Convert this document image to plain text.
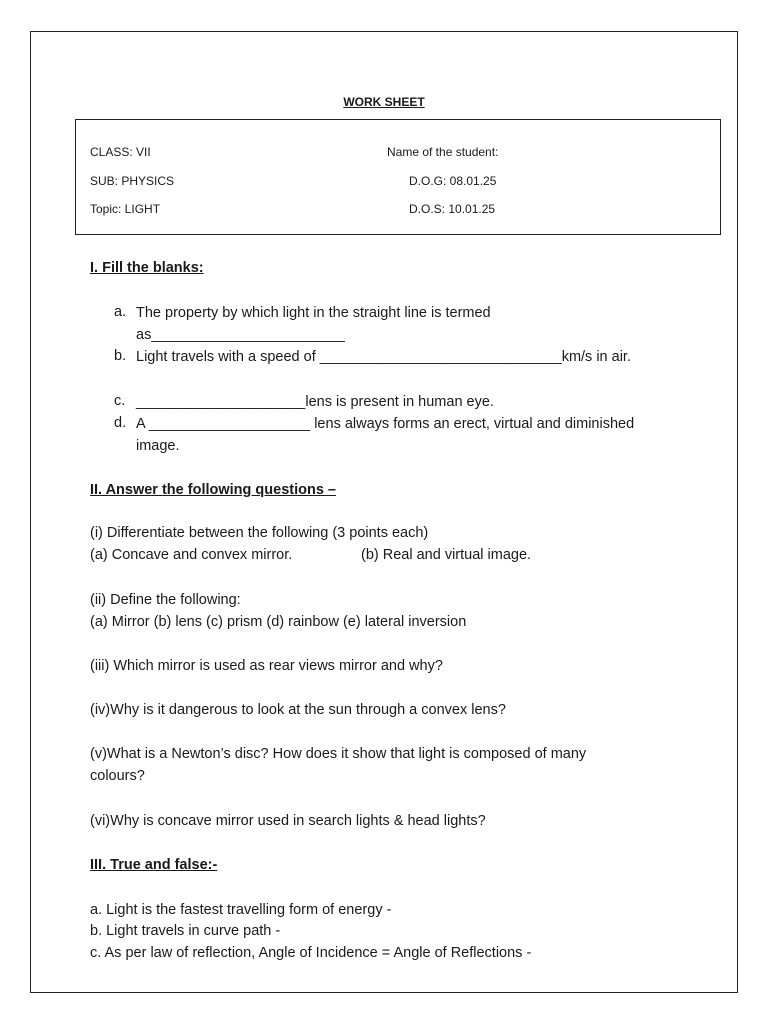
WORK SHEET
CLASS: VII	Name of the student:
SUB: PHYSICS	D.O.G: 08.01.25
Topic: LIGHT	D.O.S: 10.01.25
I. Fill the blanks:
a. The property by which light in the straight line is termed as________________________
b. Light travels with a speed of ______________________________km/s in air.
c. _____________________lens is present in human eye.
d. A ____________________ lens always forms an erect, virtual and diminished image.
II. Answer the following questions –
(i) Differentiate between the following (3 points each)
(a) Concave and convex mirror.	(b) Real and virtual image.
(ii) Define the following:
(a) Mirror (b) lens (c) prism (d) rainbow (e) lateral inversion
(iii) Which mirror is used as rear views mirror and why?
(iv)Why is it dangerous to look at the sun through a convex lens?
(v)What is a Newton’s disc? How does it show that light is composed of many
colours?
(vi)Why is concave mirror used in search lights & head lights?
III. True and false:-
a. Light is the fastest travelling form of energy -
b. Light travels in curve path -
c. As per law of reflection, Angle of Incidence = Angle of Reflections -
